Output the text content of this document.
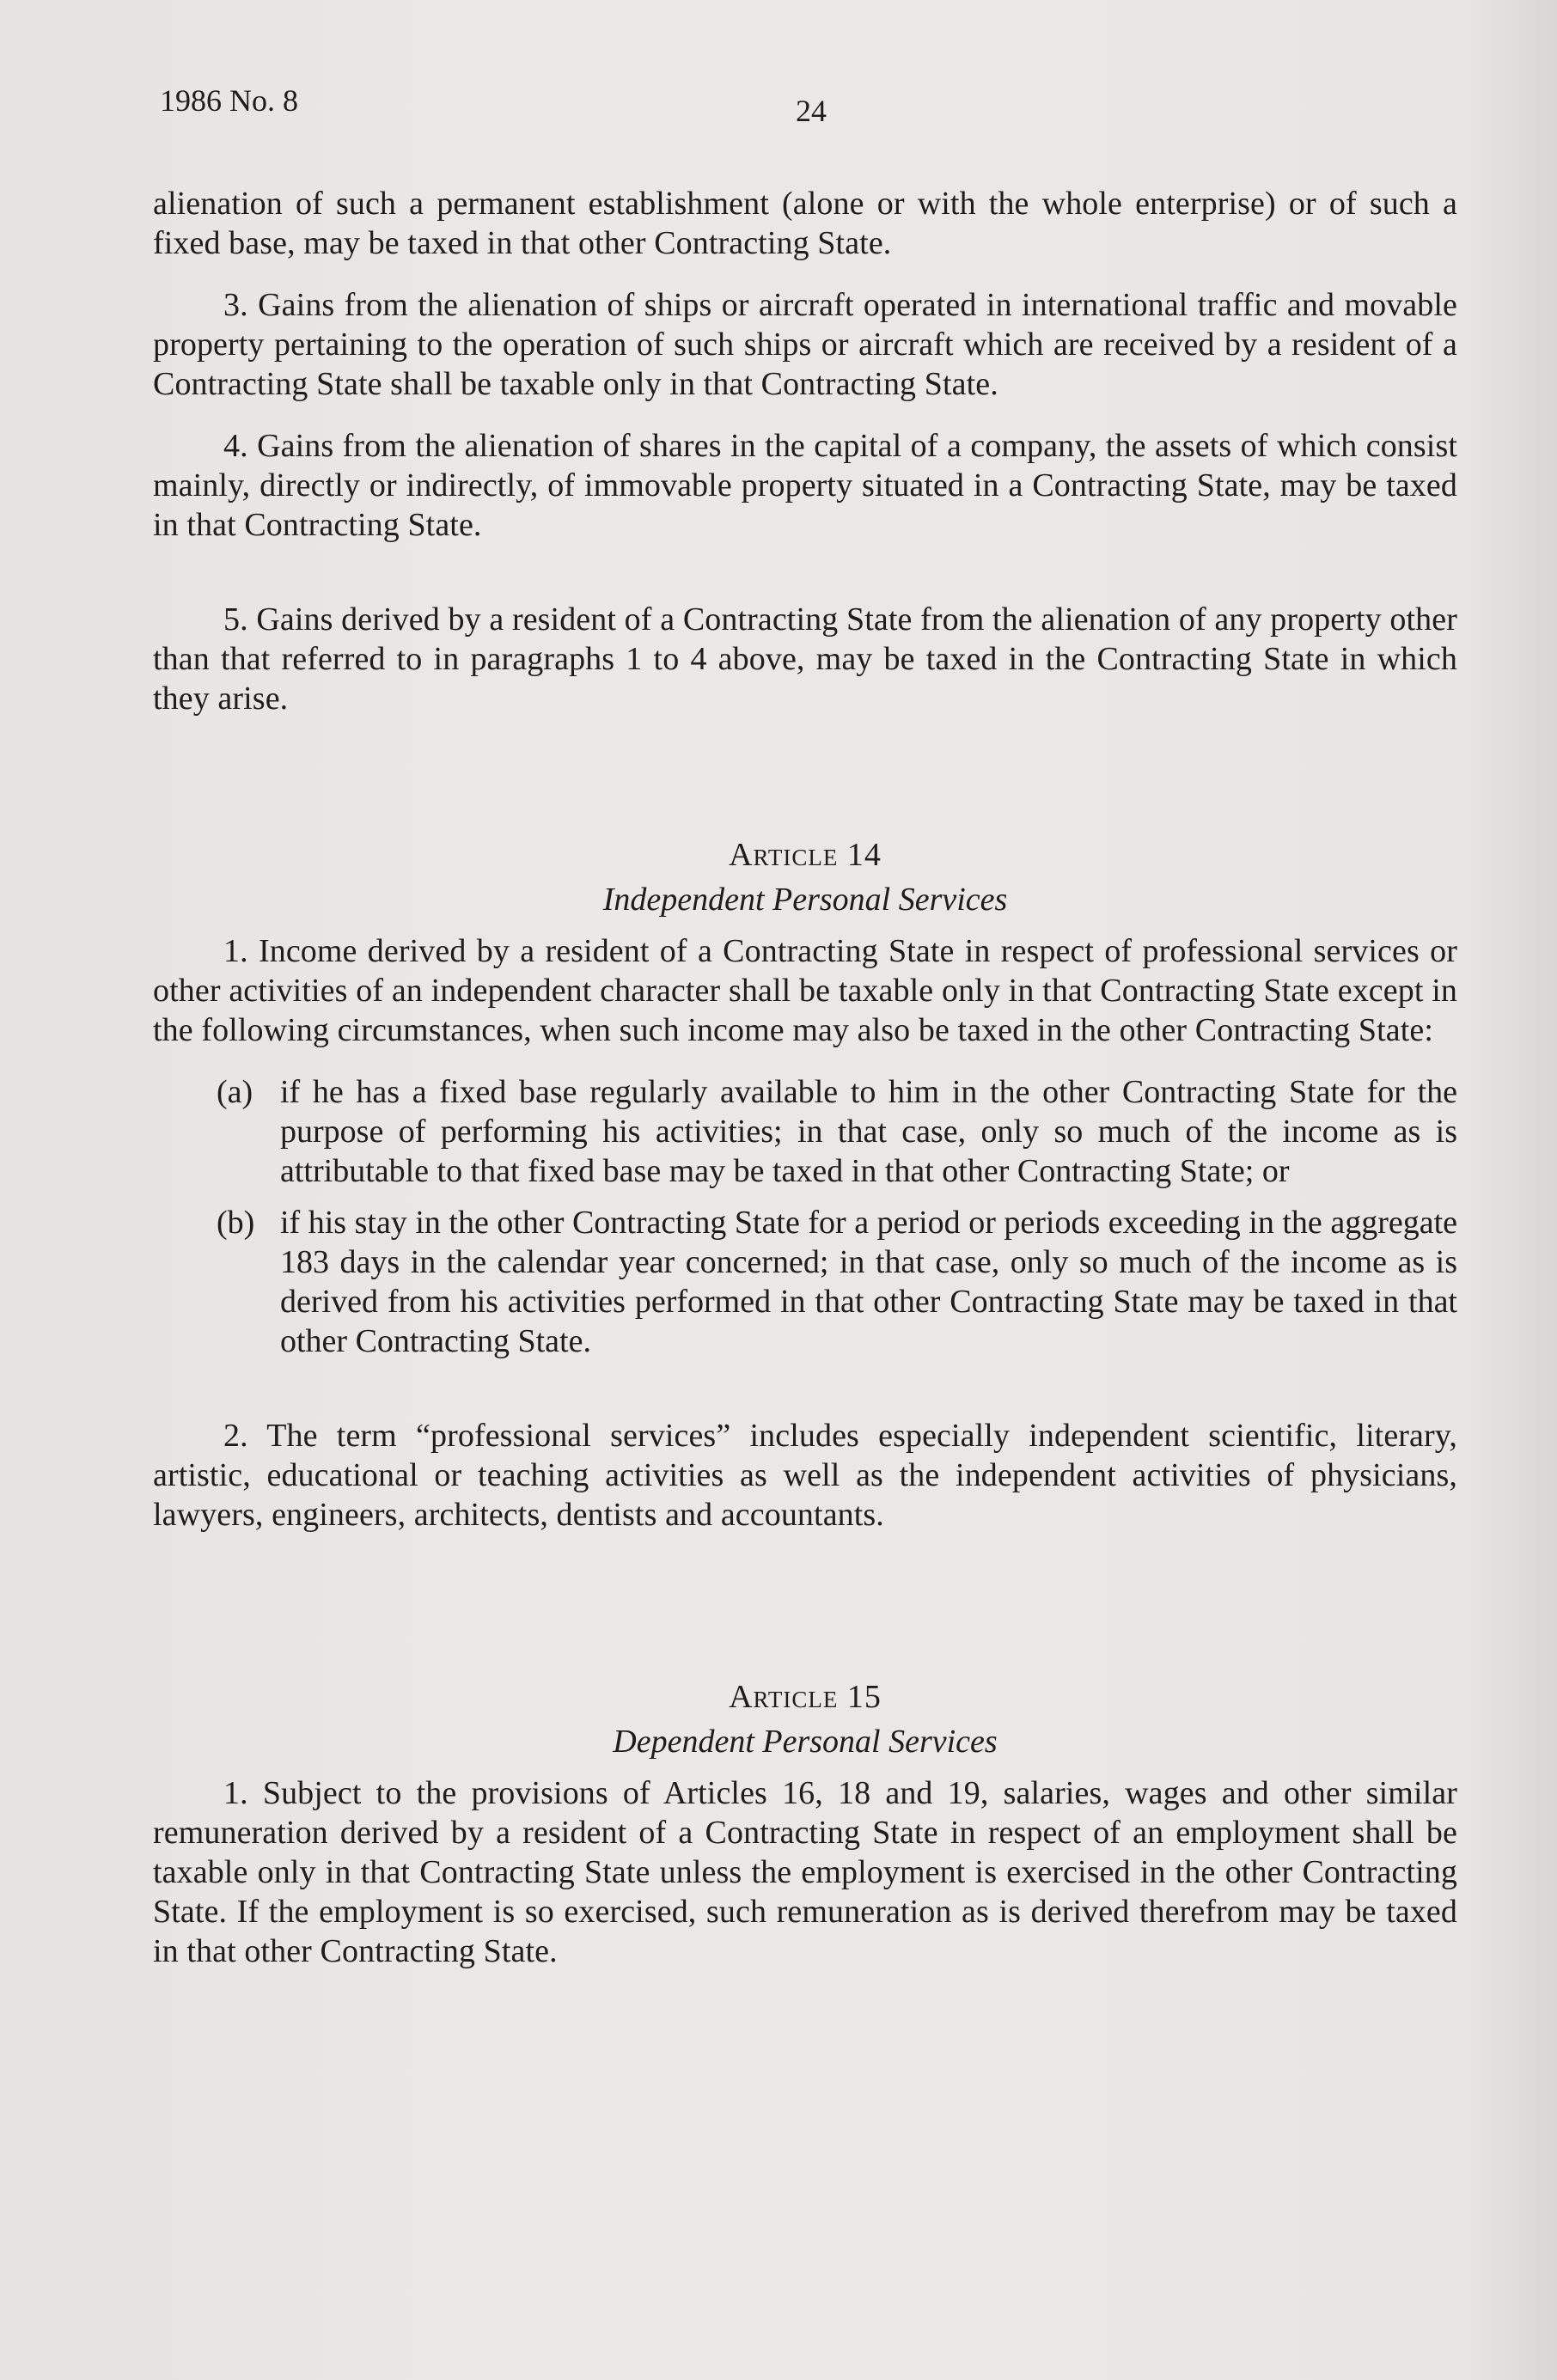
1986 No. 8	24

alienation of such a permanent establishment (alone or with the whole enterprise) or of such a fixed base, may be taxed in that other Contracting State.

3. Gains from the alienation of ships or aircraft operated in international traffic and movable property pertaining to the operation of such ships or aircraft which are received by a resident of a Contracting State shall be taxable only in that Contracting State.

4. Gains from the alienation of shares in the capital of a company, the assets of which consist mainly, directly or indirectly, of immovable property situated in a Contracting State, may be taxed in that Contracting State.

5. Gains derived by a resident of a Contracting State from the alienation of any property other than that referred to in paragraphs 1 to 4 above, may be taxed in the Contracting State in which they arise.

Article 14
Independent Personal Services

1. Income derived by a resident of a Contracting State in respect of professional services or other activities of an independent character shall be taxable only in that Contracting State except in the following circumstances, when such income may also be taxed in the other Contracting State:

(a) if he has a fixed base regularly available to him in the other Contracting State for the purpose of performing his activities; in that case, only so much of the income as is attributable to that fixed base may be taxed in that other Contracting State; or
(b) if his stay in the other Contracting State for a period or periods exceeding in the aggregate 183 days in the calendar year concerned; in that case, only so much of the income as is derived from his activities performed in that other Contracting State may be taxed in that other Contracting State.

2. The term “professional services” includes especially independent scientific, literary, artistic, educational or teaching activities as well as the independent activities of physicians, lawyers, engineers, architects, dentists and accountants.

Article 15
Dependent Personal Services

1. Subject to the provisions of Articles 16, 18 and 19, salaries, wages and other similar remuneration derived by a resident of a Contracting State in respect of an employment shall be taxable only in that Contracting State unless the employment is exercised in the other Contracting State. If the employment is so exercised, such remuneration as is derived therefrom may be taxed in that other Contracting State.
